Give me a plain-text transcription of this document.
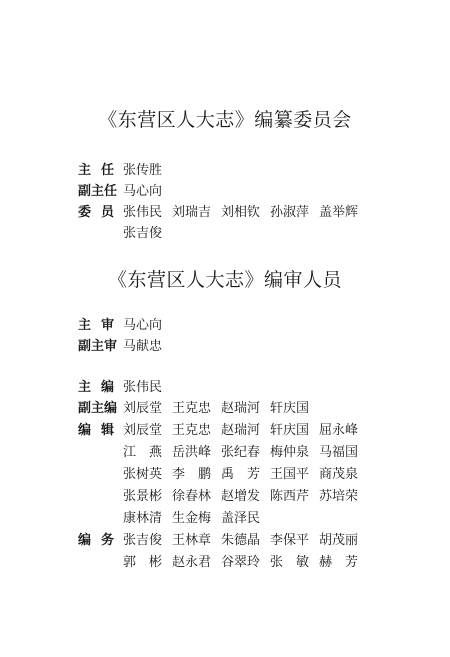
《东营区人大志》编纂委员会
主任
张传胜
副主任 马心向
委员
张伟民 刘瑞吉 刘相钦 孙淑萍 盖举辉
张吉俊
《东营区人大志》编审人员
主审
马心向
副主审 马献忠
主编
张伟民
副主编 刘辰堂 王克忠 赵瑞河 轩庆国
编辑
刘辰堂 王克忠 赵瑞河 轩庆国 屈永峰
江　燕 岳洪峰 张纪春 梅仲泉 马福国
张树英 李　鹏 禹　芳 王国平 商茂泉
张景彬 徐春林 赵增发 陈西芹 苏培荣
康林清 生金梅 盖泽民
编务
张吉俊 王林章 朱德晶 李保平 胡茂丽
郭　彬 赵永君 谷翠玲 张　敏 赫　芳
